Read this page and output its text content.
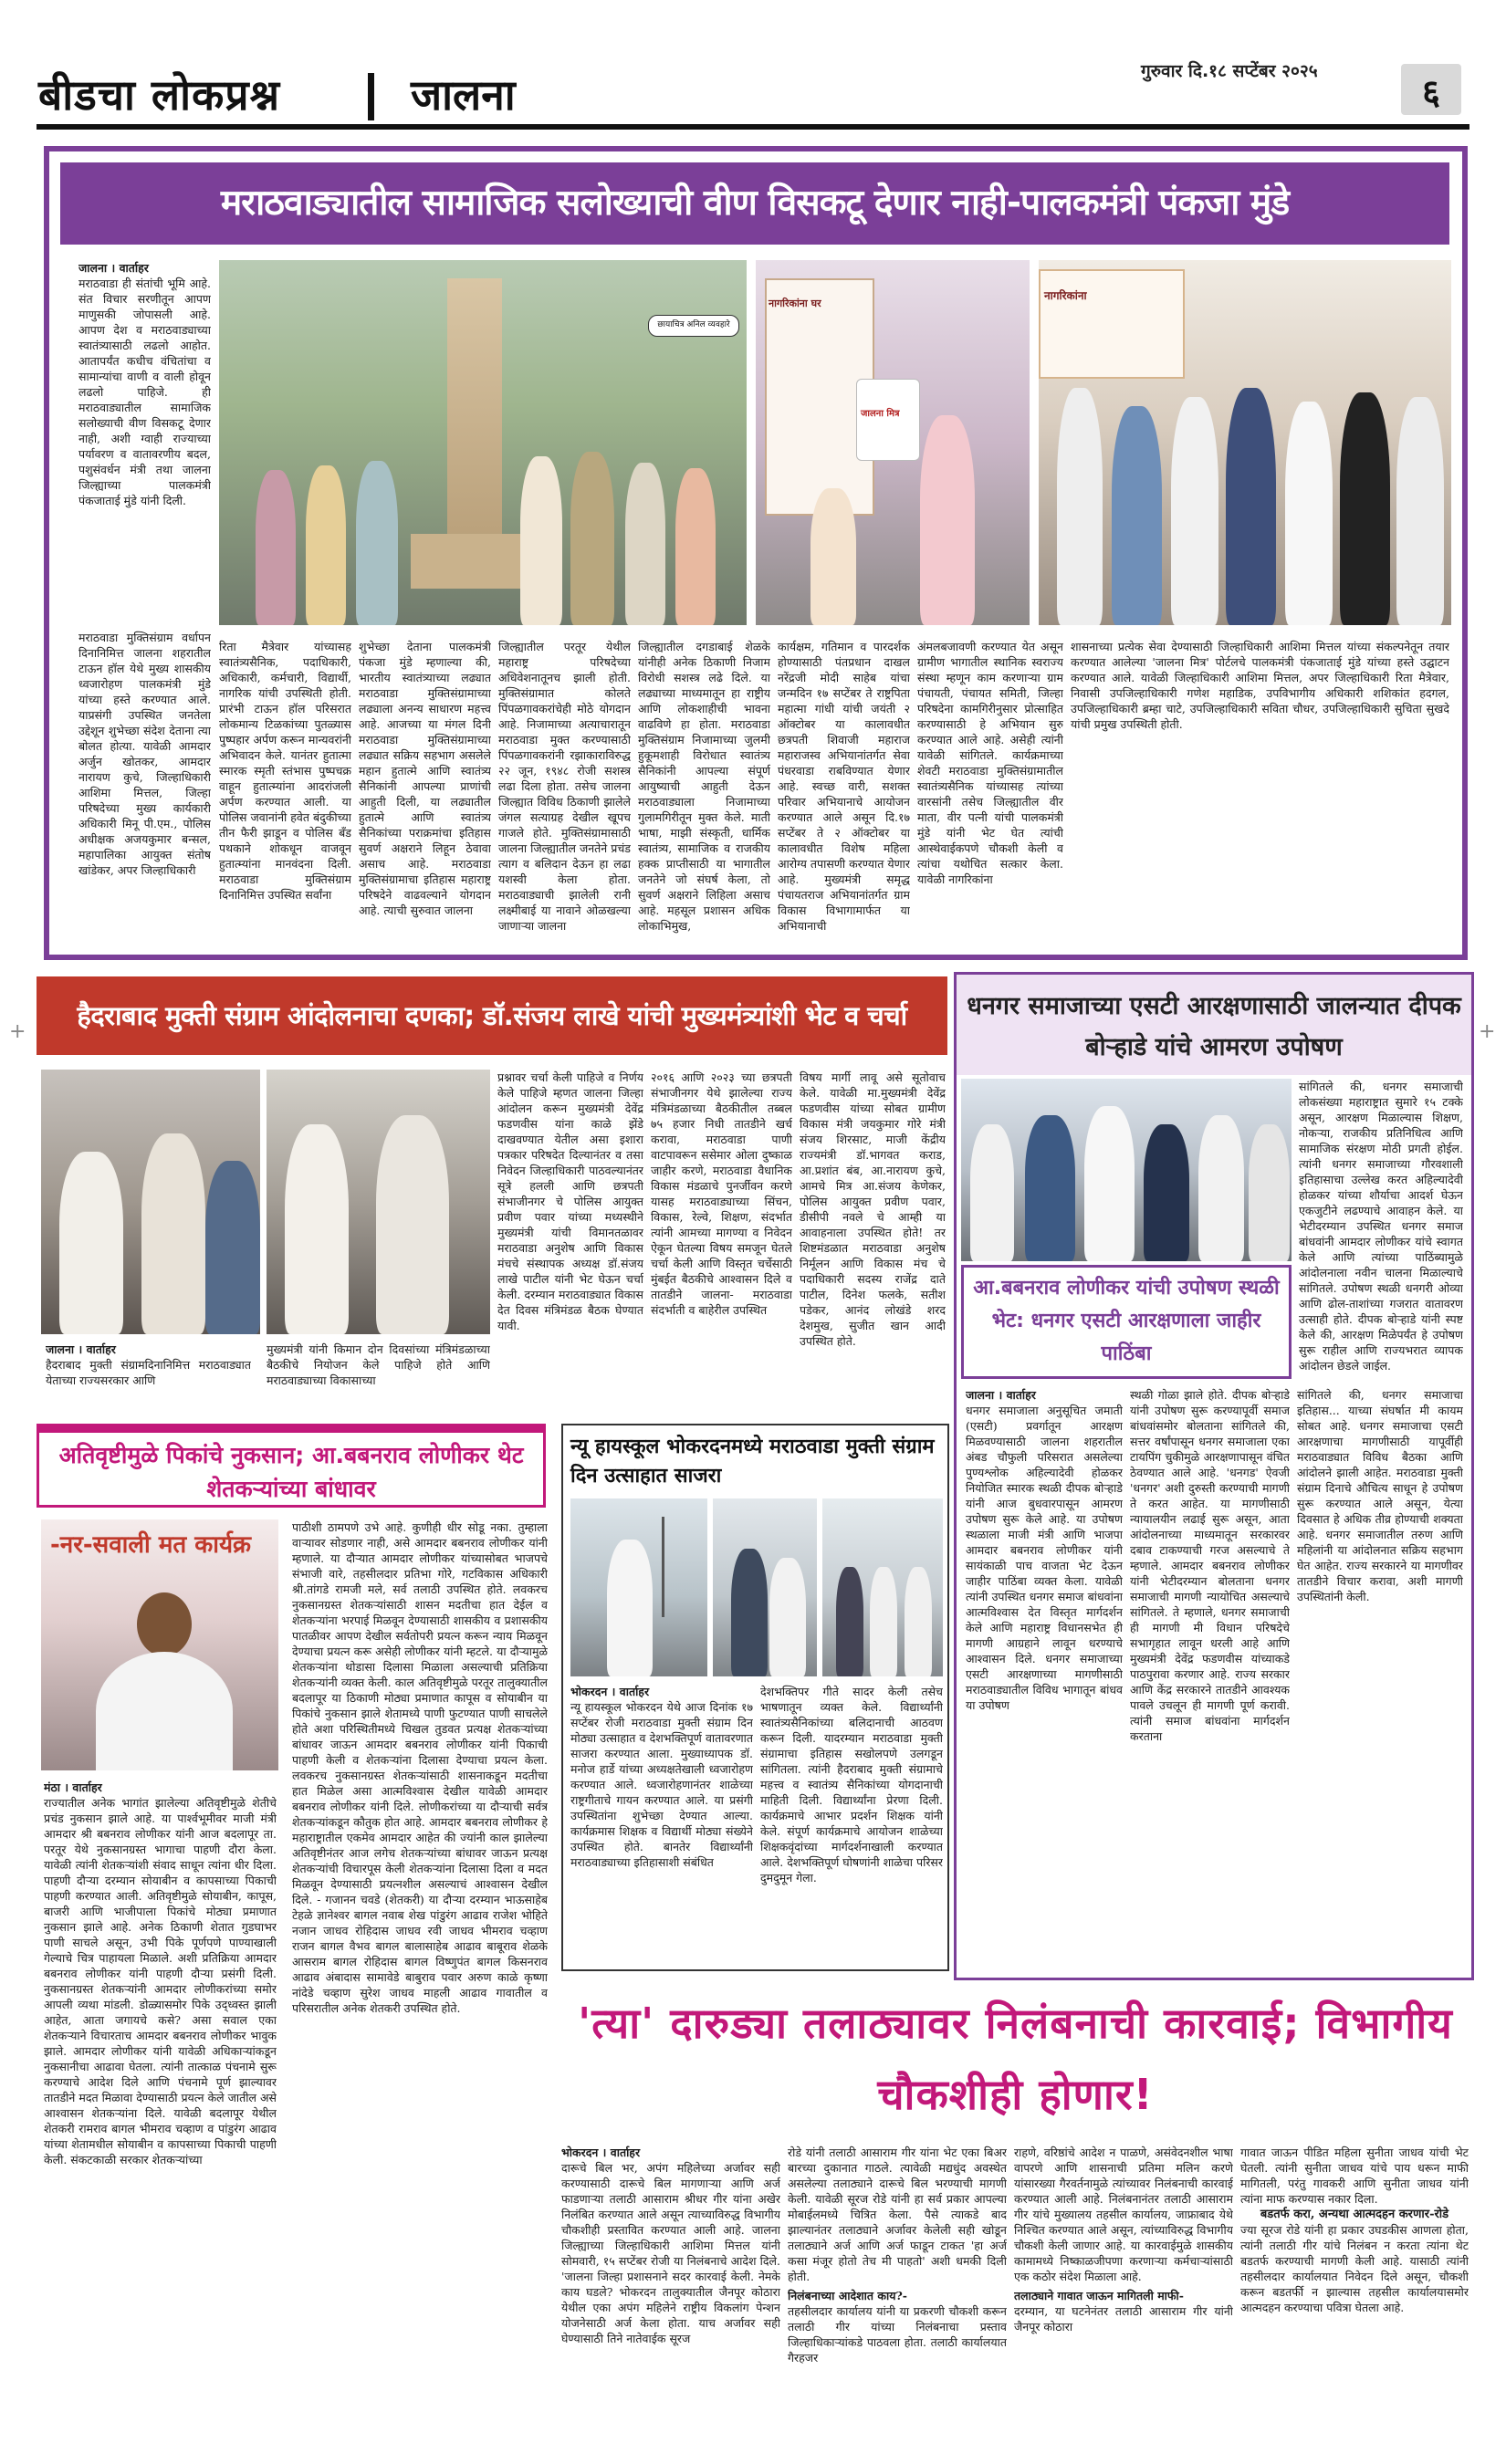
बीडचा लोकप्रश्न	जालना	गुरुवार दि.१८ सप्टेंबर २०२५
६
मराठवाड्यातील सामाजिक सलोख्याची वीण विसकटू देणार नाही-पालकमंत्री पंकजा मुंडे
जालना । वार्ताहर
मराठवाडा ही संतांची भूमि आहे. संत विचार सरणीतून आपण माणुसकी जोपासली आहे. आपण देश व मराठवाड्याच्या स्वातंत्र्यासाठी लढलो आहोत. आतापर्यंत कधीच वंचितांचा व सामान्यांचा वाणी व वाली होवून लढलो पाहिजे. ही मराठवाड्यातील सामाजिक सलोख्याची वीण विसकटू देणार नाही, अशी ग्वाही राज्याच्या पर्यावरण व वातावरणीय बदल, पशुसंवर्धन मंत्री तथा जालना जिल्ह्याच्या पालकमंत्री पंकजाताई मुंडे यांनी दिली.
छायाचित्र अनिल व्यवहारे
नागरिकांना घर
जालना मित्र
नागरिकांना
मराठवाडा मुक्तिसंग्राम वर्धापन दिनानिमित्त जालना शहरातील टाऊन हॉल येथे मुख्य शासकीय ध्वजारोहण पालकमंत्री मुंडे यांच्या हस्ते करण्यात आले. याप्रसंगी उपस्थित जनतेला उद्देशून शुभेच्छा संदेश देताना त्या बोलत होत्या. यावेळी आमदार अर्जुन खोतकर, आमदार नारायण कुचे, जिल्हाधिकारी आशिमा मित्तल, जिल्हा परिषदेच्या मुख्य कार्यकारी अधिकारी मिनू पी.एम., पोलिस अधीक्षक अजयकुमार बन्सल, महापालिका आयुक्त संतोष खांडेकर, अपर जिल्हाधिकारी
रिता मैत्रेवार यांच्यासह स्वातंत्र्यसैनिक, पदाधिकारी, अधिकारी, कर्मचारी, विद्यार्थी, नागरिक यांची उपस्थिती होती. प्रारंभी टाऊन हॉल परिसरात लोकमान्य टिळकांच्या पुतळ्यास पुष्पहार अर्पण करून मान्यवरांनी अभिवादन केले. यानंतर हुतात्मा स्मारक स्मृती स्तंभास पुष्पचक्र वाहून हुतात्म्यांना आदरांजली अर्पण करण्यात आली. या पोलिस जवानांनी हवेत बंदुकीच्या तीन फैरी झाडून व पोलिस बँड पथकाने शोकधून वाजवून हुतात्म्यांना मानवंदना दिली. मराठवाडा मुक्तिसंग्राम दिनानिमित्त उपस्थित सर्वांना
शुभेच्छा देताना पालकमंत्री पंकजा मुंडे म्हणाल्या की, भारतीय स्वातंत्र्याच्या लढ्यात मराठवाडा मुक्तिसंग्रामाच्या लढ्याला अनन्य साधारण महत्त्व आहे. आजच्या या मंगल दिनी मराठवाडा मुक्तिसंग्रामाच्या लढ्यात सक्रिय सहभाग असलेले महान हुतात्मे आणि स्वातंत्र्य सैनिकांनी आपल्या प्राणांची आहुती दिली, या लढ्यातील हुतात्मे आणि स्वातंत्र्य सैनिकांच्या पराक्रमांचा इतिहास सुवर्ण अक्षराने लिहून ठेवावा असाच आहे. मराठवाडा मुक्तिसंग्रामाचा इतिहास महाराष्ट्र परिषदेने वाढवल्याने योगदान आहे. त्याची सुरुवात जालना
जिल्ह्यातील परतूर येथील महाराष्ट्र परिषदेच्या अधिवेशनातूनच झाली होती. मुक्तिसंग्रामात कोलते पिंपळगावकरांचेही मोठे योगदान आहे. निजामाच्या अत्याचारातून मराठवाडा मुक्त करण्यासाठी पिंपळगावकरांनी रझाकाराविरुद्ध २२ जून, १९४८ रोजी सशस्त्र लढा दिला होता. तसेच जालना जिल्ह्यात विविध ठिकाणी झालेले जंगल सत्याग्रह देखील खूपच गाजले होते. मुक्तिसंग्रामासाठी जालना जिल्ह्यातील जनतेने प्रचंड त्याग व बलिदान देऊन हा लढा यशस्वी केला होता. मराठवाड्याची झालेली रानी लक्ष्मीबाई या नावाने ओळखल्या जाणाऱ्या जालना
जिल्ह्यातील दगडाबाई शेळके यांनीही अनेक ठिकाणी निजाम विरोधी सशस्त्र लढे दिले. या लढ्याच्या माध्यमातून हा राष्ट्रीय आणि लोकशाहीची भावना वाढविणे हा होता. मराठवाडा मुक्तिसंग्राम निजामाच्या जुलमी हुकूमशाही विरोधात स्वातंत्र्य सैनिकांनी आपल्या संपूर्ण आयुष्याची आहुती देऊन मराठवाड्याला निजामाच्या गुलामगिरीतून मुक्त केले. माती भाषा, माझी संस्कृती, धार्मिक स्वातंत्र्य, सामाजिक व राजकीय हक्क प्राप्तीसाठी या भागातील जनतेने जो संघर्ष केला, तो सुवर्ण अक्षराने लिहिला असाच आहे. महसूल प्रशासन अधिक लोकाभिमुख,
कार्यक्षम, गतिमान व पारदर्शक होण्यासाठी पंतप्रधान दाखल नरेंद्रजी मोदी साहेब यांचा जन्मदिन १७ सप्टेंबर ते राष्ट्रपिता महात्मा गांधी यांची जयंती २ ऑक्टोबर या कालावधीत छत्रपती शिवाजी महाराज महाराजस्व अभियानांतर्गत सेवा पंधरवाडा राबविण्यात येणार आहे. स्वच्छ वारी, सशक्त परिवार अभियानाचे आयोजन करण्यात आले असून दि.१७ सप्टेंबर ते २ ऑक्टोबर या कालावधीत विशेष महिला आरोग्य तपासणी करण्यात येणार आहे. मुख्यमंत्री समृद्ध पंचायतराज अभियानांतर्गत ग्राम विकास विभागामार्फत या अभियानाची
अंमलबजावणी करण्यात येत असून ग्रामीण भागातील स्थानिक स्वराज्य संस्था म्हणून काम करणाऱ्या ग्राम पंचायती, पंचायत समिती, जिल्हा परिषदेना कामगिरीनुसार प्रोत्साहित करण्यासाठी हे अभियान सुरु करण्यात आले आहे. असेही त्यांनी यावेळी सांगितले. कार्यक्रमाच्या शेवटी मराठवाडा मुक्तिसंग्रामातील स्वातंत्र्यसैनिक यांच्यासह त्यांच्या वारसांनी तसेच जिल्ह्यातील वीर माता, वीर पत्नी यांची पालकमंत्री मुंडे यांनी भेट घेत त्यांची आस्थेवाईकपणे चौकशी केली व त्यांचा यथोचित सत्कार केला. यावेळी नागरिकांना
शासनाच्या प्रत्येक सेवा देण्यासाठी जिल्हाधिकारी आशिमा मित्तल यांच्या संकल्पनेतून तयार करण्यात आलेल्या 'जालना मित्र' पोर्टलचे पालकमंत्री पंकजाताई मुंडे यांच्या हस्ते उद्घाटन करण्यात आले. यावेळी जिल्हाधिकारी आशिमा मित्तल, अपर जिल्हाधिकारी रिता मैत्रेवार, निवासी उपजिल्हाधिकारी गणेश महाडिक, उपविभागीय अधिकारी शशिकांत हदगल, उपजिल्हाधिकारी ब्रम्हा चाटे, उपजिल्हाधिकारी सविता चौधर, उपजिल्हाधिकारी सुचिता सुखदे यांची प्रमुख उपस्थिती होती.
+	+
हैदराबाद मुक्ती संग्राम आंदोलनाचा दणका; डॉ.संजय लाखे यांची मुख्यमंत्र्यांशी भेट व चर्चा
जालना । वार्ताहर
हैदराबाद मुक्ती संग्रामदिनानिमित्त मराठवाड्यात येताच्या राज्यसरकार आणि
मुख्यमंत्री यांनी किमान दोन दिवसांच्या मंत्रिमंडळाच्या बैठकीचे नियोजन केले पाहिजे होते आणि मराठवाड्याच्या विकासाच्या
प्रश्नावर चर्चा केली पाहिजे व निर्णय केले पाहिजे म्हणत जालना जिल्हा आंदोलन करून मुख्यमंत्री देवेंद्र फडणवीस यांना काळे झेंडे दाखवण्यात येतील असा इशारा पत्रकार परिषदेत दिल्यानंतर व तसा निवेदन जिल्हाधिकारी पाठवल्यानंतर सूत्रे हलली आणि छत्रपती संभाजीनगर चे पोलिस आयुक्त प्रवीण पवार यांच्या मध्यस्थीने मुख्यमंत्री यांची विमानतळावर मराठवाडा अनुशेष आणि विकास मंचचे संस्थापक अध्यक्ष डॉ.संजय लाखे पाटील यांनी भेट घेऊन चर्चा केली. दरम्यान मराठवाड्यात विकास देत दिवस मंत्रिमंडळ बैठक घेण्यात यावी.
२०१६ आणि २०२३ च्या छत्रपती संभाजीनगर येथे झालेल्या राज्य मंत्रिमंडळाच्या बैठकीतील तब्बल ७५ हजार निधी तातडीने खर्च करावा, मराठवाडा पाणी वाटपावरून ससेमार ओला दुष्काळ जाहीर करणे, मराठवाडा वैधानिक विकास मंडळाचे पुनर्जीवन करणे यासह मराठवाड्याच्या सिंचन, विकास, रेल्वे, शिक्षण, संदर्भात त्यांनी आमच्या मागण्या व निवेदन ऐकून घेतल्या विषय समजून घेतले चर्चा केली आणि विस्तृत चर्चेसाठी मुंबईत बैठकीचे आश्वासन दिले व तातडीने जालना- मराठवाडा संदर्भाती व बाहेरील उपस्थित
विषय मार्गी लावू असे सूतोवाच केले. यावेळी मा.मुख्यमंत्री देवेंद्र फडणवीस यांच्या सोबत ग्रामीण विकास मंत्री जयकुमार गोरे मंत्री संजय शिरसाट, माजी केंद्रीय राज्यमंत्री डॉ.भागवत कराड, आ.प्रशांत बंब, आ.नारायण कुचे, आमचे मित्र आ.संजय केणेकर, पोलिस आयुक्त प्रवीण पवार, डीसीपी नवले चे आम्ही या आवाहनाला उपस्थित होते! तर शिष्टमंडळात मराठवाडा अनुशेष निर्मूलन आणि विकास मंच चे पदाधिकारी सदस्य राजेंद्र दाते पाटील, दिनेश फलके, सतीश पडेकर, आनंद लोखंडे शरद देशमुख, सुजीत खान आदी उपस्थित होते.
धनगर समाजाच्या एसटी आरक्षणासाठी जालन्यात दीपक बोऱ्हाडे यांचे आमरण उपोषण
आ.बबनराव लोणीकर यांची उपोषण स्थळी भेट: धनगर एसटी आरक्षणाला जाहीर पाठिंबा
सांगितले की, धनगर समाजाची लोकसंख्या महाराष्ट्रात सुमारे १५ टक्के असून, आरक्षण मिळाल्यास शिक्षण, नोकऱ्या, राजकीय प्रतिनिधित्व आणि सामाजिक संरक्षण मोठी प्रगती होईल. त्यांनी धनगर समाजाच्या गौरवशाली इतिहासाचा उल्लेख करत अहिल्यादेवी होळकर यांच्या शौर्याचा आदर्श घेऊन एकजुटीने लढण्याचे आवाहन केले. या भेटीदरम्यान उपस्थित धनगर समाज बांधवांनी आमदार लोणीकर यांचे स्वागत केले आणि त्यांच्या पाठिंब्यामुळे आंदोलनाला नवीन चालना मिळाल्याचे सांगितले. उपोषण स्थळी धनगरी ओव्या आणि ढोल-ताशांच्या गजरात वातावरण उत्साही होते. दीपक बोऱ्हाडे यांनी स्पष्ट केले की, आरक्षण मिळेपर्यंत हे उपोषण सुरू राहील आणि राज्यभरात व्यापक आंदोलन छेडले जाईल.
जालना । वार्ताहर
धनगर समाजाला अनुसूचित जमाती (एसटी) प्रवर्गातून आरक्षण मिळवण्यासाठी जालना शहरातील अंबड चौफुली परिसरात असलेल्या पुण्यश्लोक अहिल्यादेवी होळकर नियोजित स्मारक स्थळी दीपक बोऱ्हाडे यांनी आज बुधवारपासून आमरण उपोषण सुरू केले आहे. या उपोषण स्थळाला माजी मंत्री आणि भाजपा आमदार बबनराव लोणीकर यांनी सायंकाळी पाच वाजता भेट देऊन जाहीर पाठिंबा व्यक्त केला. यावेळी त्यांनी उपस्थित धनगर समाज बांधवांना आत्मविश्वास देत विस्तृत मार्गदर्शन केले आणि महाराष्ट्र विधानसभेत ही मागणी आग्रहाने लावून धरण्याचे आश्वासन दिले. धनगर समाजाच्या एसटी आरक्षणाच्या मागणीसाठी मराठवाड्यातील विविध भागातून बांधव या उपोषण
स्थळी गोळा झाले होते. दीपक बोऱ्हाडे यांनी उपोषण सुरू करण्यापूर्वी समाज बांधवांसमोर बोलताना सांगितले की, सत्तर वर्षांपासून धनगर समाजाला एका टायपिंग चुकीमुळे आरक्षणापासून वंचित ठेवण्यात आले आहे. 'धनगड' ऐवजी 'धनगर' अशी दुरुस्ती करण्याची मागणी ते करत आहेत. या मागणीसाठी न्यायालयीन लढाई सुरू असून, आता आंदोलनाच्या माध्यमातून सरकारवर दबाव टाकण्याची गरज असल्याचे ते म्हणाले. आमदार बबनराव लोणीकर यांनी भेटीदरम्यान बोलताना धनगर समाजाची मागणी न्यायोचित असल्याचे सांगितले. ते म्हणाले, धनगर समाजाची ही मागणी मी विधान परिषदेचे सभागृहात लावून धरली आहे आणि मुख्यमंत्री देवेंद्र फडणवीस यांच्याकडे पाठपुरावा करणार आहे. राज्य सरकार आणि केंद्र सरकारने तातडीने आवश्यक पावले उचलून ही मागणी पूर्ण करावी. त्यांनी समाज बांधवांना मार्गदर्शन करताना
सांगितले की, धनगर समाजाचा इतिहास... याच्या संघर्षात मी कायम सोबत आहे. धनगर समाजाचा एसटी आरक्षणाचा मागणीसाठी यापूर्वीही मराठवाड्यात विविध बैठका आणि आंदोलने झाली आहेत. मराठवाडा मुक्ती संग्राम दिनाचे औचित्य साधून हे उपोषण सुरू करण्यात आले असून, येत्या दिवसात हे अधिक तीव्र होण्याची शक्यता आहे. धनगर समाजातील तरुण आणि महिलांनी या आंदोलनात सक्रिय सहभाग घेत आहेत. राज्य सरकारने या मागणीवर तातडीने विचार करावा, अशी मागणी उपस्थितांनी केली.
अतिवृष्टीमुळे पिकांचे नुकसान; आ.बबनराव लोणीकर थेट शेतकऱ्यांच्या बांधावर
-नर-सवाली मत कार्यक्र
मंठा । वार्ताहर
राज्यातील अनेक भागांत झालेल्या अतिवृष्टीमुळे शेतीचे प्रचंड नुकसान झाले आहे. या पार्श्वभूमीवर माजी मंत्री आमदार श्री बबनराव लोणीकर यांनी आज बदलापूर ता. परतूर येथे नुकसानग्रस्त भागाचा पाहणी दौरा केला. यावेळी त्यांनी शेतकऱ्यांशी संवाद साधून त्यांना धीर दिला. पाहणी दौऱ्या दरम्यान सोयाबीन व कापसाच्या पिकाची पाहणी करण्यात आली. अतिवृष्टीमुळे सोयाबीन, कापूस, बाजरी आणि भाजीपाला पिकांचे मोठ्या प्रमाणात नुकसान झाले आहे. अनेक ठिकाणी शेतात गुडघाभर पाणी साचले असून, उभी पिके पूर्णपणे पाण्याखाली गेल्याचे चित्र पाहायला मिळाले. अशी प्रतिक्रिया आमदार बबनराव लोणीकर यांनी पाहणी दौऱ्या प्रसंगी दिली. नुकसानग्रस्त शेतकऱ्यांनी आमदार लोणीकरांच्या समोर आपली व्यथा मांडली. डोळ्यासमोर पिके उद्ध्वस्त झाली आहेत, आता जगायचे कसे? असा सवाल एका शेतकऱ्याने विचारताच आमदार बबनराव लोणीकर भावुक झाले. आमदार लोणीकर यांनी यावेळी अधिकाऱ्यांकडून नुकसानीचा आढावा घेतला. त्यांनी तात्काळ पंचनामे सुरू करण्याचे आदेश दिले आणि पंचनामे पूर्ण झाल्यावर तातडीने मदत मिळावा देण्यासाठी प्रयत्न केले जातील असे आश्वासन शेतकऱ्यांना दिले. यावेळी बदलापूर येथील शेतकरी रामराव बागल भीमराव चव्हाण व पांडुरंग आढाव यांच्या शेतामधील सोयाबीन व कापसाच्या पिकाची पाहणी केली. संकटकाळी सरकार शेतकऱ्यांच्या
पाठीशी ठामपणे उभे आहे. कुणीही धीर सोडू नका. तुम्हाला वाऱ्यावर सोडणार नाही, असे आमदार बबनराव लोणीकर यांनी म्हणाले. या दौऱ्यात आमदार लोणीकर यांच्यासोबत भाजपचे संभाजी वारे, तहसीलदार प्रतिभा गोरे, गटविकास अधिकारी श्री.तांगडे रामजी मले, सर्व तलाठी उपस्थित होते. लवकरच नुकसानग्रस्त शेतकऱ्यांसाठी शासन मदतीचा हात देईल व शेतकऱ्यांना भरपाई मिळवून देण्यासाठी शासकीय व प्रशासकीय पातळीवर आपण देखील सर्वतोपरी प्रयत्न करून न्याय मिळवून देण्याचा प्रयत्न करू असेही लोणीकर यांनी म्हटले. या दौऱ्यामुळे शेतकऱ्यांना थोडासा दिलासा मिळाला असल्याची प्रतिक्रिया शेतकऱ्यांनी व्यक्त केली. काल अतिवृष्टीमुळे परतूर तालुक्यातील बदलापूर या ठिकाणी मोठ्या प्रमाणात कापूस व सोयाबीन या पिकांचे नुकसान झाले शेतामध्ये पाणी फुटण्यात पाणी साचलेले होते अशा परिस्थितीमध्ये चिखल तुडवत प्रत्यक्ष शेतकऱ्यांच्या बांधावर जाऊन आमदार बबनराव लोणीकर यांनी पिकाची पाहणी केली व शेतकऱ्यांना दिलासा देण्याचा प्रयत्न केला. लवकरच नुकसानग्रस्त शेतकऱ्यांसाठी शासनाकडून मदतीचा हात मिळेल असा आत्मविश्वास देखील यावेळी आमदार बबनराव लोणीकर यांनी दिले. लोणीकरांच्या या दौऱ्याची सर्वत्र शेतकऱ्यांकडून कौतुक होत आहे. आमदार बबनराव लोणीकर हे महाराष्ट्रातील एकमेव आमदार आहेत की ज्यांनी काल झालेल्या अतिवृष्टीनंतर आज लगेच शेतकऱ्यांच्या बांधावर जाऊन प्रत्यक्ष शेतकऱ्यांची विचारपूस केली शेतकऱ्यांना दिलासा दिला व मदत मिळवून देण्यासाठी प्रयत्नशील असल्याचं आश्वासन देखील दिले. - गजानन चवडे (शेतकरी) या दौऱ्या दरम्यान भाऊसाहेब टेहळे ज्ञानेश्वर बागल नवाब शेख पांडुरंग आढाव राजेश भोहिते नजान जाधव रोहिदास जाधव रवी जाधव भीमराव चव्हाण राजन बागल वैभव बागल बालासाहेब आढाव बाबूराव शेळके आसराम बागल रोहिदास बागल विष्णुपंत बागल किसनराव आढाव अंबादास सामावेडे बाबुराव पवार अरुण काळे कृष्णा नांदेडे चव्हाण सुरेश जाधव माहली आढाव गावातील व परिसरातील अनेक शेतकरी उपस्थित होते.
न्यू हायस्कूल भोकरदनमध्ये मराठवाडा मुक्ती संग्राम दिन उत्साहात साजरा
भोकरदन । वार्ताहर
न्यू हायस्कूल भोकरदन येथे आज दिनांक १७ सप्टेंबर रोजी मराठवाडा मुक्ती संग्राम दिन मोठ्या उत्साहात व देशभक्तिपूर्ण वातावरणात साजरा करण्यात आला. मुख्याध्यापक डॉ. मनोज हार्डे यांच्या अध्यक्षतेखाली ध्वजारोहण करण्यात आले. ध्वजारोहणानंतर शाळेच्या राष्ट्रगीताचे गायन करण्यात आले. या प्रसंगी उपस्थितांना शुभेच्छा देण्यात आल्या. कार्यक्रमास शिक्षक व विद्यार्थी मोठ्या संख्येने उपस्थित होते. बानतेर विद्यार्थ्यांनी मराठवाड्याच्या इतिहासाशी संबंधित
देशभक्तिपर गीते सादर केली तसेच भाषणातून व्यक्त केले. विद्यार्थ्यांनी स्वातंत्र्यसैनिकांच्या बलिदानाची आठवण करून दिली. यादरम्यान मराठवाडा मुक्ती संग्रामाचा इतिहास सखोलपणे उलगडून सांगितला. त्यांनी हैदराबाद मुक्ती संग्रामाचे महत्त्व व स्वातंत्र्य सैनिकांच्या योगदानाची माहिती दिली. विद्यार्थ्यांना प्रेरणा दिली. कार्यक्रमाचे आभार प्रदर्शन शिक्षक यांनी केले. संपूर्ण कार्यक्रमाचे आयोजन शाळेच्या शिक्षकवृंदांच्या मार्गदर्शनाखाली करण्यात आले. देशभक्तिपूर्ण घोषणांनी शाळेचा परिसर दुमदुमून गेला.
'त्या' दारुड्या तलाठ्यावर निलंबनाची कारवाई; विभागीय चौकशीही होणार!
भोकरदन । वार्ताहर
दारूचे बिल भर, अपंग महिलेच्या अर्जावर सही करण्यासाठी दारूचे बिल मागणाऱ्या आणि अर्ज फाडणाऱ्या तलाठी आसाराम श्रीधर गीर यांना अखेर निलंबित करण्यात आले असून त्याच्याविरुद्ध विभागीय चौकशीही प्रस्तावित करण्यात आली आहे. जालना जिल्ह्याच्या जिल्हाधिकारी आशिमा मित्तल यांनी सोमवारी, १५ सप्टेंबर रोजी या निलंबनाचे आदेश दिले. 'जालना जिल्हा प्रशासनाने सदर कारवाई केली. नेमके काय घडले? भोकरदन तालुक्यातील जैनपूर कोठारा येथील एका अपंग महिलेने राष्ट्रीय विकलांग पेन्शन योजनेसाठी अर्ज केला होता. याच अर्जावर सही घेण्यासाठी तिने नातेवाईक सूरज
रोडे यांनी तलाठी आसाराम गीर यांना भेट एका बिअर बारच्या दुकानात गाठले. त्यावेळी मद्यधुंद अवस्थेत असलेल्या तलाठ्याने दारूचे बिल भरण्याची मागणी केली. यावेळी सूरज रोडे यांनी हा सर्व प्रकार आपल्या मोबाईलमध्ये चित्रित केला. पैसे त्याकडे बाद झाल्यानंतर तलाठ्याने अर्जावर केलेली सही खोडून तलाठ्याने अर्ज आणि अर्ज फाडून टाकत 'हा अर्ज कसा मंजूर होतो तेच मी पाहतो' अशी धमकी दिली होती.
निलंबनाच्या आदेशात काय?-
तहसीलदार कार्यालय यांनी या प्रकरणी चौकशी करून तलाठी गीर यांच्या निलंबनाचा प्रस्ताव जिल्हाधिकाऱ्यांकडे पाठवला होता. तलाठी कार्यालयात गैरहजर
राहणे, वरिष्ठांचे आदेश न पाळणे, असंवेदनशील भाषा वापरणे आणि शासनाची प्रतिमा मलिन करणे यांसारख्या गैरवर्तनामुळे त्यांच्यावर निलंबनाची कारवाई करण्यात आली आहे. निलंबनानंतर तलाठी आसाराम गीर यांचे मुख्यालय तहसील कार्यालय, जाफ्राबाद येथे निश्चित करण्यात आले असून, त्यांच्याविरुद्ध विभागीय चौकशी केली जाणार आहे. या कारवाईमुळे शासकीय कामामध्ये निष्काळजीपणा करणाऱ्या कर्मचाऱ्यांसाठी एक कठोर संदेश मिळाला आहे.
तलाठ्याने गावात जाऊन मागितली माफी-
दरम्यान, या घटनेनंतर तलाठी आसाराम गीर यांनी जैनपूर कोठारा
गावात जाऊन पीडित महिला सुनीता जाधव यांची भेट घेतली. त्यांनी सुनीता जाधव यांचे पाय धरून माफी मागितली, परंतु गावकरी आणि सुनीता जाधव यांनी त्यांना माफ करण्यास नकार दिला.
बडतर्फ करा, अन्यथा आत्मदहन करणार-रोडे
ज्या सूरज रोडे यांनी हा प्रकार उघडकीस आणला होता, त्यांनी तलाठी गीर यांचे निलंबन न करता त्यांना थेट बडतर्फ करण्याची मागणी केली आहे. यासाठी त्यांनी तहसीलदार कार्यालयात निवेदन दिले असून, चौकशी करून बडतर्फी न झाल्यास तहसील कार्यालयासमोर आत्मदहन करण्याचा पवित्रा घेतला आहे.
